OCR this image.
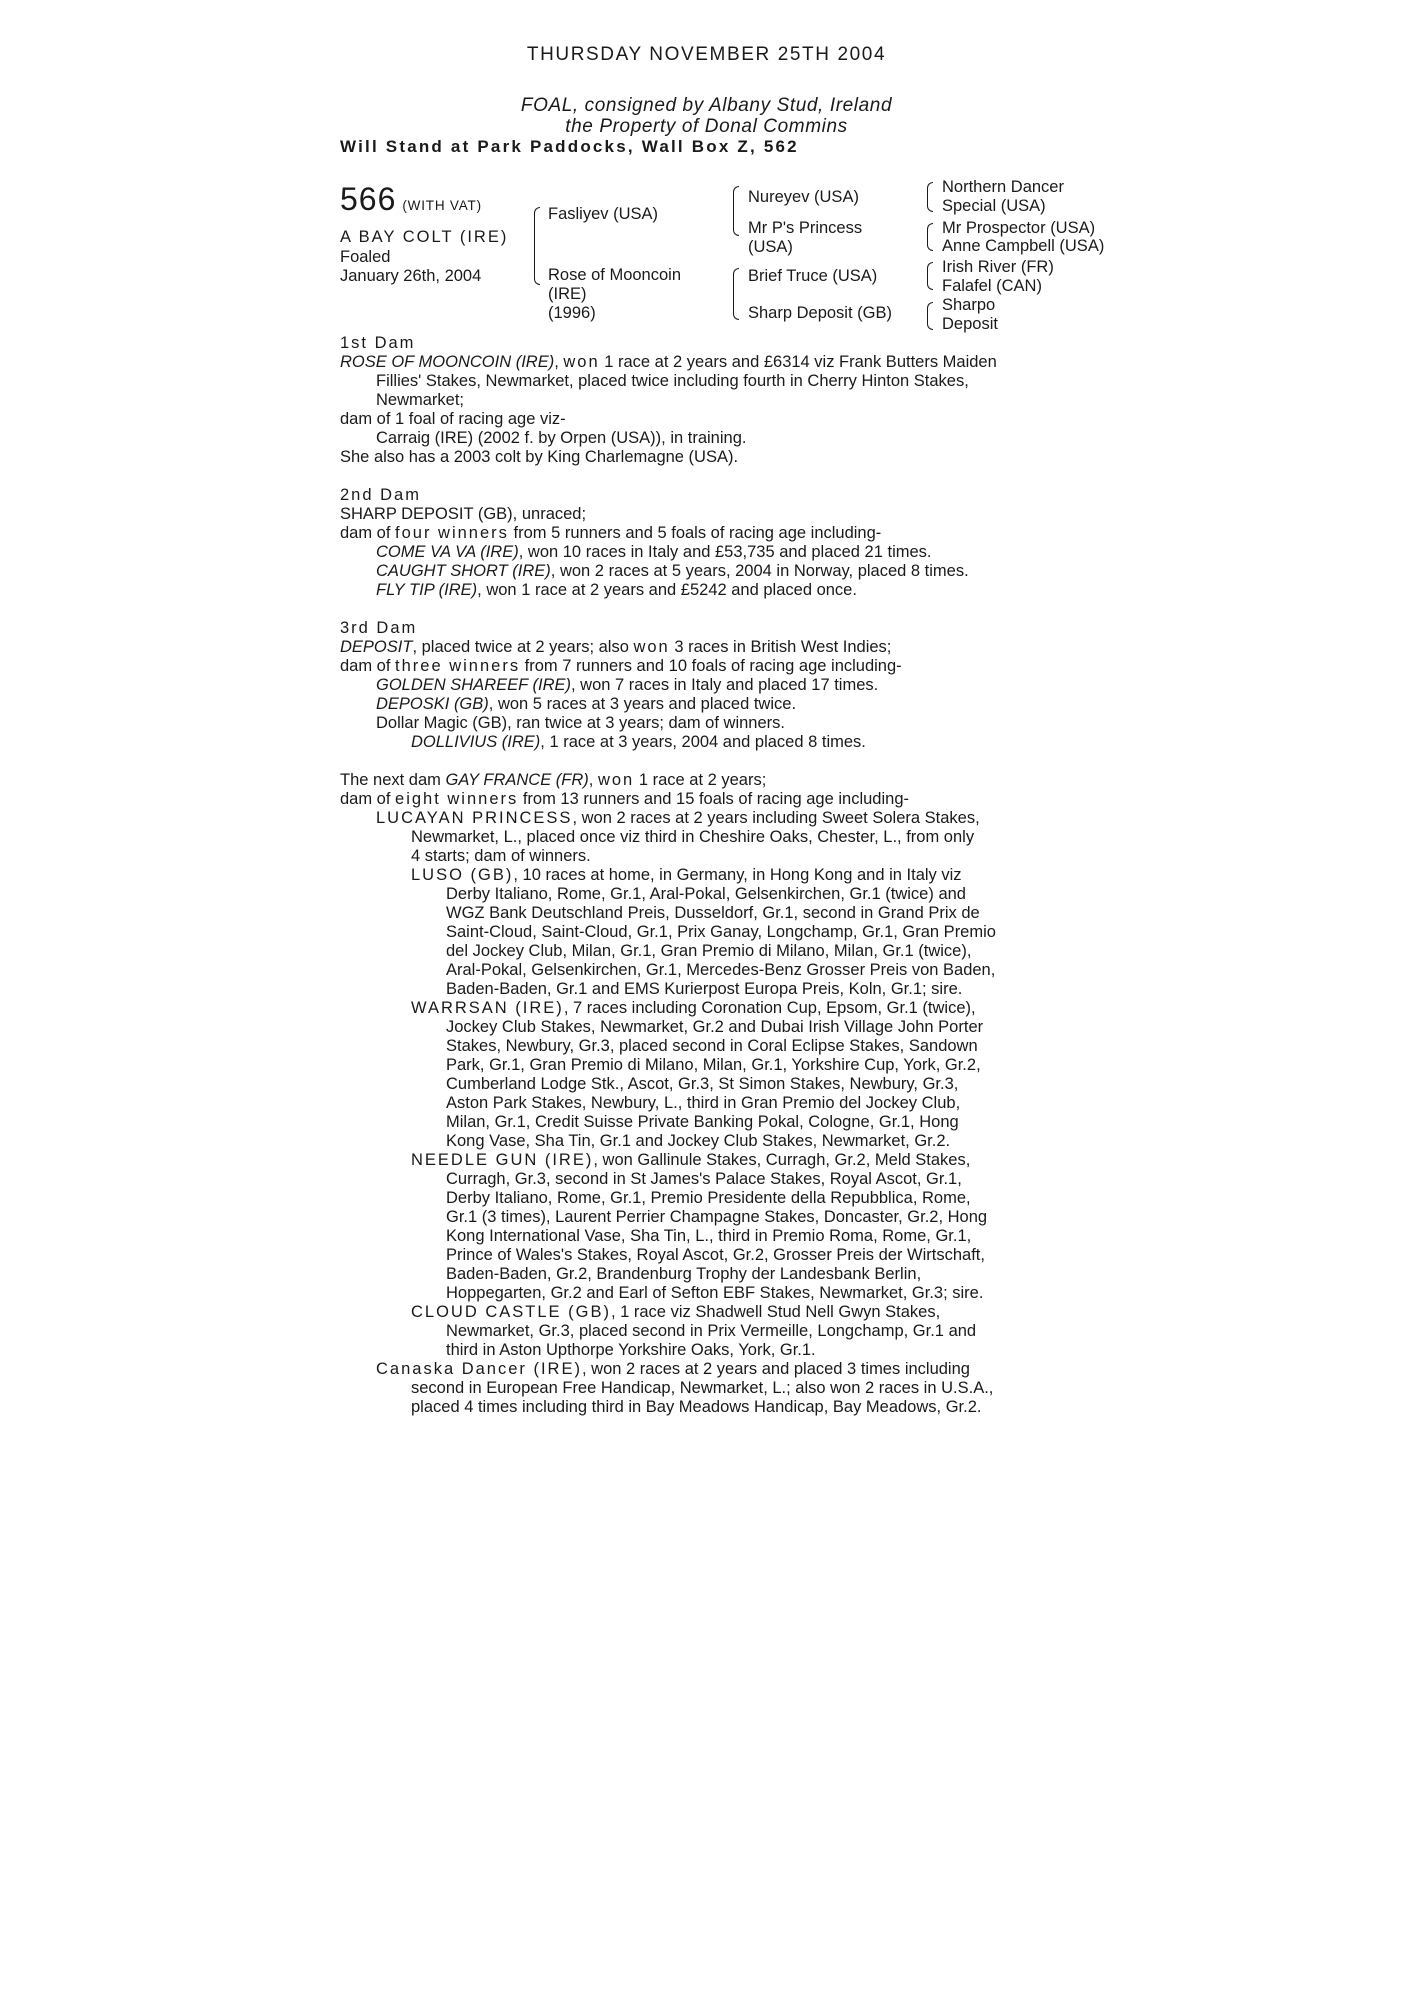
THURSDAY NOVEMBER 25TH 2004
FOAL, consigned by Albany Stud, Ireland
the Property of Donal Commins
Will Stand at Park Paddocks, Wall Box Z, 562
566 (WITH VAT)
A BAY COLT (IRE)
Foaled
January 26th, 2004
Fasliyev (USA)
Rose of Mooncoin
(IRE)
(1996)
Nureyev (USA)
Mr P's Princess
(USA)
Brief Truce (USA)
Sharp Deposit (GB)
Northern Dancer
Special (USA)
Mr Prospector (USA)
Anne Campbell (USA)
Irish River (FR)
Falafel (CAN)
Sharpo
Deposit
1st Dam
ROSE OF MOONCOIN (IRE), won 1 race at 2 years and £6314 viz Frank Butters Maiden
Fillies' Stakes, Newmarket, placed twice including fourth in Cherry Hinton Stakes,
Newmarket;
dam of 1 foal of racing age viz-
Carraig (IRE) (2002 f. by Orpen (USA)), in training.
She also has a 2003 colt by King Charlemagne (USA).
2nd Dam
SHARP DEPOSIT (GB), unraced;
dam of four winners from 5 runners and 5 foals of racing age including-
COME VA VA (IRE), won 10 races in Italy and £53,735 and placed 21 times.
CAUGHT SHORT (IRE), won 2 races at 5 years, 2004 in Norway, placed 8 times.
FLY TIP (IRE), won 1 race at 2 years and £5242 and placed once.
3rd Dam
DEPOSIT, placed twice at 2 years; also won 3 races in British West Indies;
dam of three winners from 7 runners and 10 foals of racing age including-
GOLDEN SHAREEF (IRE), won 7 races in Italy and placed 17 times.
DEPOSKI (GB), won 5 races at 3 years and placed twice.
Dollar Magic (GB), ran twice at 3 years; dam of winners.
DOLLIVIUS (IRE), 1 race at 3 years, 2004 and placed 8 times.
The next dam GAY FRANCE (FR), won 1 race at 2 years;
dam of eight winners from 13 runners and 15 foals of racing age including-
LUCAYAN PRINCESS, won 2 races at 2 years including Sweet Solera Stakes,
Newmarket, L., placed once viz third in Cheshire Oaks, Chester, L., from only
4 starts; dam of winners.
LUSO (GB), 10 races at home, in Germany, in Hong Kong and in Italy viz
Derby Italiano, Rome, Gr.1, Aral-Pokal, Gelsenkirchen, Gr.1 (twice) and
WGZ Bank Deutschland Preis, Dusseldorf, Gr.1, second in Grand Prix de
Saint-Cloud, Saint-Cloud, Gr.1, Prix Ganay, Longchamp, Gr.1, Gran Premio
del Jockey Club, Milan, Gr.1, Gran Premio di Milano, Milan, Gr.1 (twice),
Aral-Pokal, Gelsenkirchen, Gr.1, Mercedes-Benz Grosser Preis von Baden,
Baden-Baden, Gr.1 and EMS Kurierpost Europa Preis, Koln, Gr.1; sire.
WARRSAN (IRE), 7 races including Coronation Cup, Epsom, Gr.1 (twice),
Jockey Club Stakes, Newmarket, Gr.2 and Dubai Irish Village John Porter
Stakes, Newbury, Gr.3, placed second in Coral Eclipse Stakes, Sandown
Park, Gr.1, Gran Premio di Milano, Milan, Gr.1, Yorkshire Cup, York, Gr.2,
Cumberland Lodge Stk., Ascot, Gr.3, St Simon Stakes, Newbury, Gr.3,
Aston Park Stakes, Newbury, L., third in Gran Premio del Jockey Club,
Milan, Gr.1, Credit Suisse Private Banking Pokal, Cologne, Gr.1, Hong
Kong Vase, Sha Tin, Gr.1 and Jockey Club Stakes, Newmarket, Gr.2.
NEEDLE GUN (IRE), won Gallinule Stakes, Curragh, Gr.2, Meld Stakes,
Curragh, Gr.3, second in St James's Palace Stakes, Royal Ascot, Gr.1,
Derby Italiano, Rome, Gr.1, Premio Presidente della Repubblica, Rome,
Gr.1 (3 times), Laurent Perrier Champagne Stakes, Doncaster, Gr.2, Hong
Kong International Vase, Sha Tin, L., third in Premio Roma, Rome, Gr.1,
Prince of Wales's Stakes, Royal Ascot, Gr.2, Grosser Preis der Wirtschaft,
Baden-Baden, Gr.2, Brandenburg Trophy der Landesbank Berlin,
Hoppegarten, Gr.2 and Earl of Sefton EBF Stakes, Newmarket, Gr.3; sire.
CLOUD CASTLE (GB), 1 race viz Shadwell Stud Nell Gwyn Stakes,
Newmarket, Gr.3, placed second in Prix Vermeille, Longchamp, Gr.1 and
third in Aston Upthorpe Yorkshire Oaks, York, Gr.1.
Canaska Dancer (IRE), won 2 races at 2 years and placed 3 times including
second in European Free Handicap, Newmarket, L.; also won 2 races in U.S.A.,
placed 4 times including third in Bay Meadows Handicap, Bay Meadows, Gr.2.
